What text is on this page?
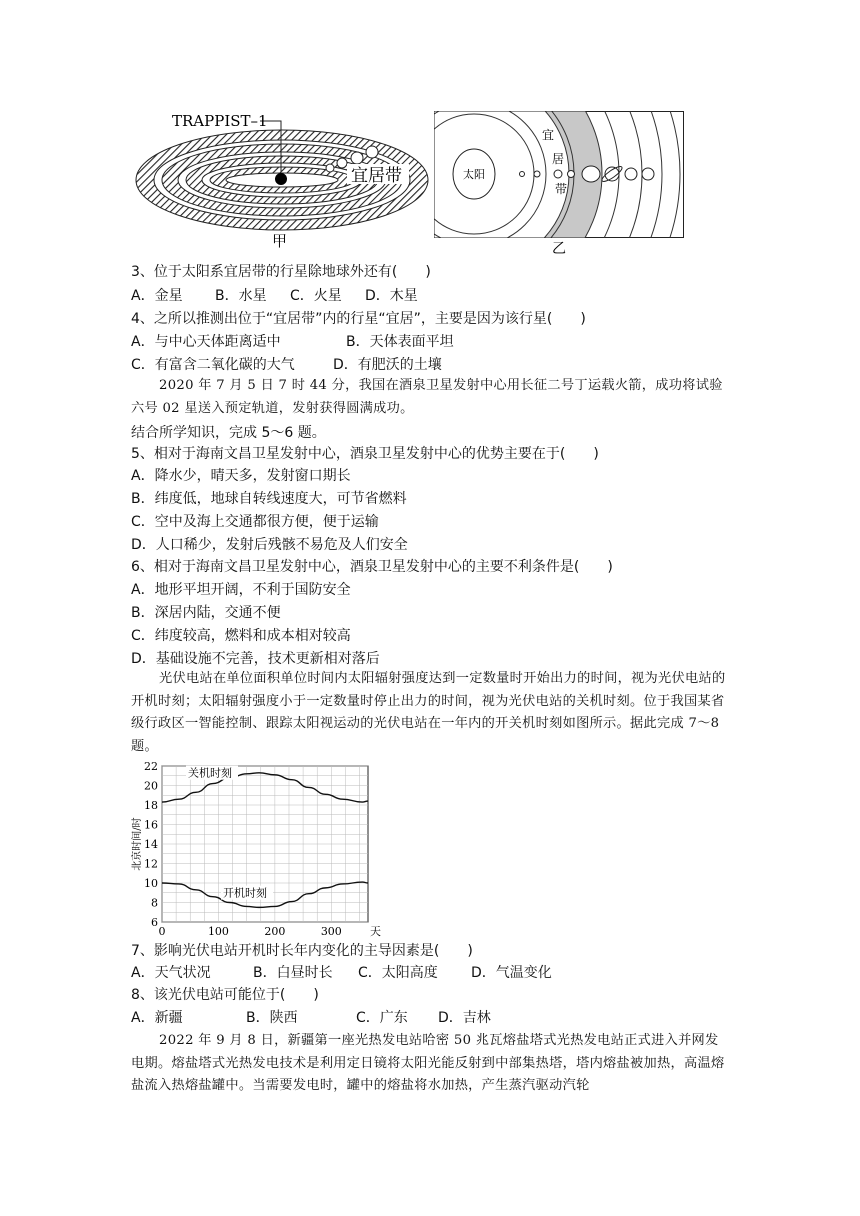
TRAPPIST–1
宜居带
甲
太阳
宜
居
带
乙
3、位于太阳系宜居带的行星除地球外还有(　　)
A．金星 B．水星 C．火星 D．木星
4、之所以推测出位于“宜居带”内的行星“宜居”，主要是因为该行星(　　)
A．与中心天体距离适中	B．天体表面平坦
C．有富含二氧化碳的大气	D．有肥沃的土壤
2020 年 7 月 5 日 7 时 44 分，我国在酒泉卫星发射中心用长征二号丁运载火箭，成功将试验六号 02 星送入预定轨道，发射获得圆满成功。
结合所学知识，完成 5～6 题。
5、相对于海南文昌卫星发射中心，酒泉卫星发射中心的优势主要在于(　　)
A．降水少，晴天多，发射窗口期长
B．纬度低，地球自转线速度大，可节省燃料
C．空中及海上交通都很方便，便于运输
D．人口稀少，发射后残骸不易危及人们安全
6、相对于海南文昌卫星发射中心，酒泉卫星发射中心的主要不利条件是(　　)
A．地形平坦开阔，不利于国防安全
B．深居内陆，交通不便
C．纬度较高，燃料和成本相对较高
D．基础设施不完善，技术更新相对落后
光伏电站在单位面积单位时间内太阳辐射强度达到一定数量时开始出力的时间，视为光伏电站的开机时刻；太阳辐射强度小于一定数量时停止出力的时间，视为光伏电站的关机时刻。位于我国某省级行政区一智能控制、跟踪太阳视运动的光伏电站在一年内的开关机时刻如图所示。据此完成 7～8 题。
6
8
10
12
14
16
18
20
22
0	100	200	300	天
北京时间/时
关机时刻
开机时刻
7、影响光伏电站开机时长年内变化的主导因素是(　　)
A．天气状况	B．白昼时长 C．太阳高度 D．气温变化
8、该光伏电站可能位于(　　)
A．新疆	B．陕西	C．广东 D．吉林
2022 年 9 月 8 日，新疆第一座光热发电站哈密 50 兆瓦熔盐塔式光热发电站正式进入并网发电期。熔盐塔式光热发电技术是利用定日镜将太阳光能反射到中部集热塔，塔内熔盐被加热，高温熔盐流入热熔盐罐中。当需要发电时，罐中的熔盐将水加热，产生蒸汽驱动汽轮
